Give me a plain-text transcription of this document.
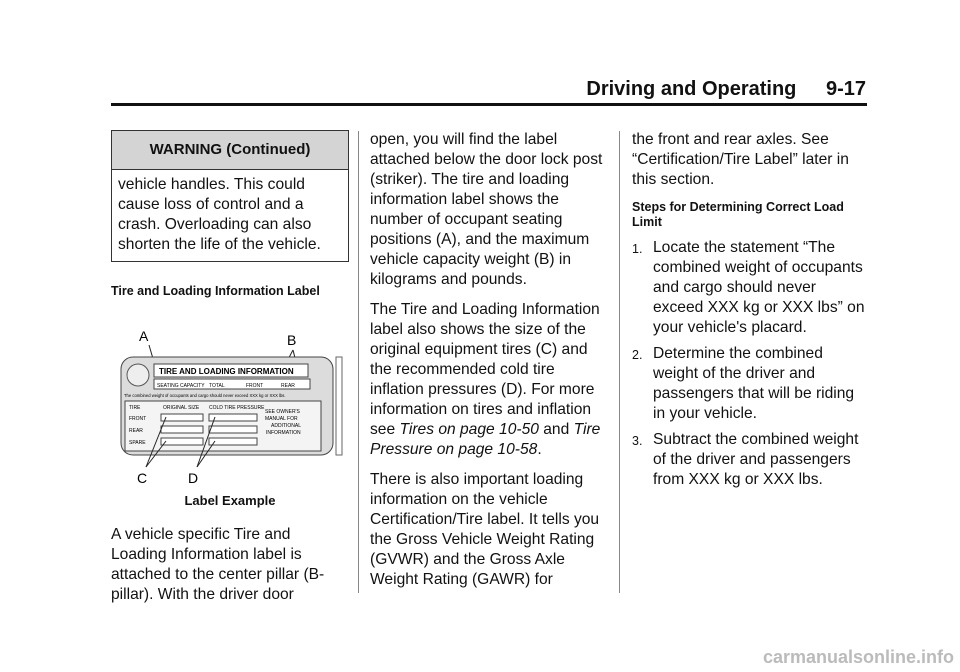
Driving and Operating 9-17
WARNING (Continued)
vehicle handles. This could cause loss of control and a crash. Overloading can also shorten the life of the vehicle.
Tire and Loading Information Label
A	B
TIRE AND LOADING INFORMATION
SEATING CAPACITY TOTAL	FRONT	REAR
The combined weight of occupants and cargo should never exceed XXX kg or XXX lbs.
TIRE	ORIGINAL SIZE COLD TIRE PRESSURE
FRONT
REAR
SPARE
SEE OWNER'S
MANUAL FOR
ADDITIONAL
INFORMATION
C	D
Label Example

A vehicle specific Tire and Loading Information label is attached to the center pillar (B-pillar). With the driver door

open, you will find the label attached below the door lock post (striker). The tire and loading information label shows the number of occupant seating positions (A), and the maximum vehicle capacity weight (B) in kilograms and pounds.

The Tire and Loading Information label also shows the size of the original equipment tires (C) and the recommended cold tire inflation pressures (D). For more information on tires and inflation see Tires on page 10-50 and Tire Pressure on page 10-58.

There is also important loading information on the vehicle Certification/Tire label. It tells you the Gross Vehicle Weight Rating (GVWR) and the Gross Axle Weight Rating (GAWR) for

the front and rear axles. See “Certification/Tire Label” later in this section.

Steps for Determining Correct Load Limit
1. Locate the statement “The combined weight of occupants and cargo should never exceed XXX kg or XXX lbs” on your vehicle's placard.
2. Determine the combined weight of the driver and passengers that will be riding in your vehicle.
3. Subtract the combined weight of the driver and passengers from XXX kg or XXX lbs.
carmanualsonline.info
